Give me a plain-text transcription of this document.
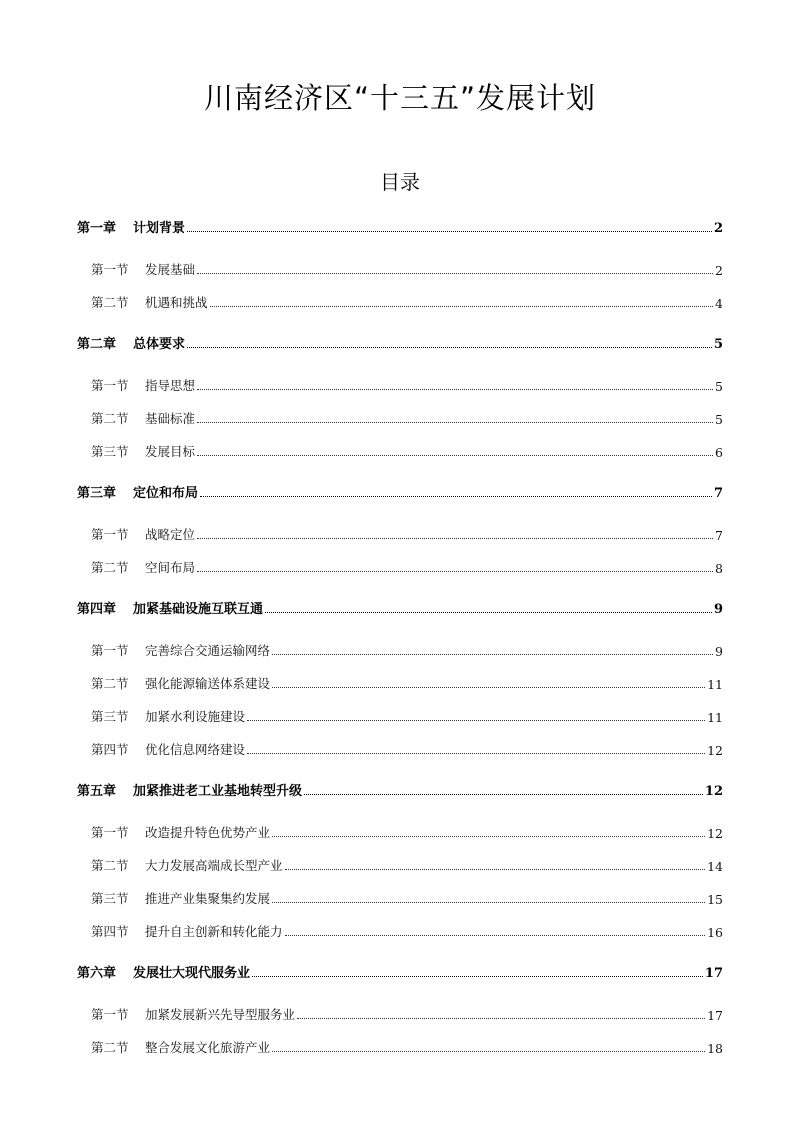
川南经济区“十三五”发展计划
目录
第一章	计划背景	2
第一节	发展基础	2
第二节	机遇和挑战	4
第二章	总体要求	5
第一节	指导思想	5
第二节	基础标准	5
第三节	发展目标	6
第三章	定位和布局	7
第一节	战略定位	7
第二节	空间布局	8
第四章	加紧基础设施互联互通	9
第一节	完善综合交通运输网络	9
第二节	强化能源输送体系建设	11
第三节	加紧水利设施建设	11
第四节	优化信息网络建设	12
第五章	加紧推进老工业基地转型升级	12
第一节	改造提升特色优势产业	12
第二节	大力发展高端成长型产业	14
第三节	推进产业集聚集约发展	15
第四节	提升自主创新和转化能力	16
第六章	发展壮大现代服务业	17
第一节	加紧发展新兴先导型服务业	17
第二节	整合发展文化旅游产业	18
